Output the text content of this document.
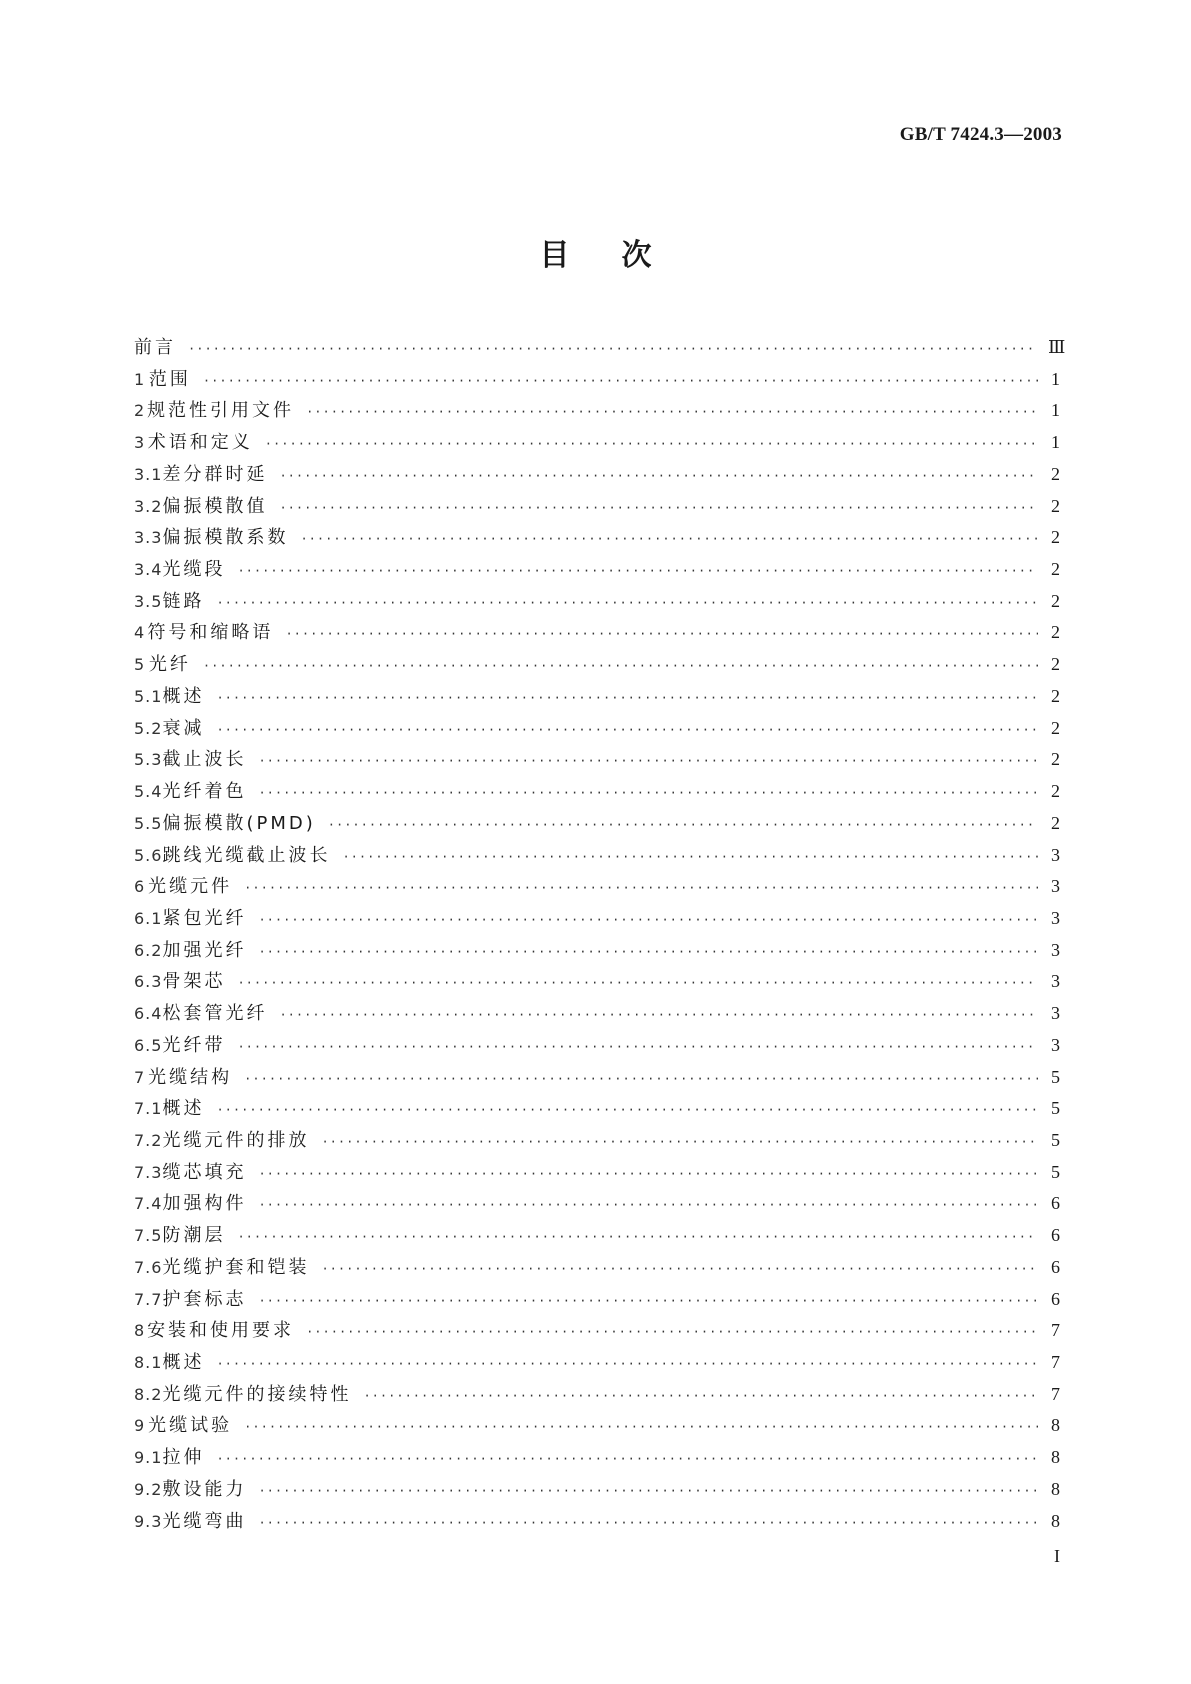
GB/T 7424.3—2003
目 次
前言 ·····	Ⅲ
1 范围 ·····	1
2 规范性引用文件 ·····	1
3 术语和定义 ·····	1
3.1 差分群时延 ·····	2
3.2 偏振模散值 ·····	2
3.3 偏振模散系数 ·····	2
3.4 光缆段 ·····	2
3.5 链路 ·····	2
4 符号和缩略语 ·····	2
5 光纤 ·····	2
5.1 概述 ·····	2
5.2 衰减 ·····	2
5.3 截止波长 ·····	2
5.4 光纤着色 ·····	2
5.5 偏振模散(PMD) ·····	2
5.6 跳线光缆截止波长 ·····	3
6 光缆元件 ·····	3
6.1 紧包光纤 ·····	3
6.2 加强光纤 ·····	3
6.3 骨架芯 ·····	3
6.4 松套管光纤 ·····	3
6.5 光纤带 ·····	3
7 光缆结构 ·····	5
7.1 概述 ·····	5
7.2 光缆元件的排放 ·····	5
7.3 缆芯填充 ·····	5
7.4 加强构件 ·····	6
7.5 防潮层 ·····	6
7.6 光缆护套和铠装 ·····	6
7.7 护套标志 ·····	6
8 安装和使用要求 ·····	7
8.1 概述 ·····	7
8.2 光缆元件的接续特性 ·····	7
9 光缆试验 ·····	8
9.1 拉伸 ·····	8
9.2 敷设能力 ·····	8
9.3 光缆弯曲 ·····	8
I
